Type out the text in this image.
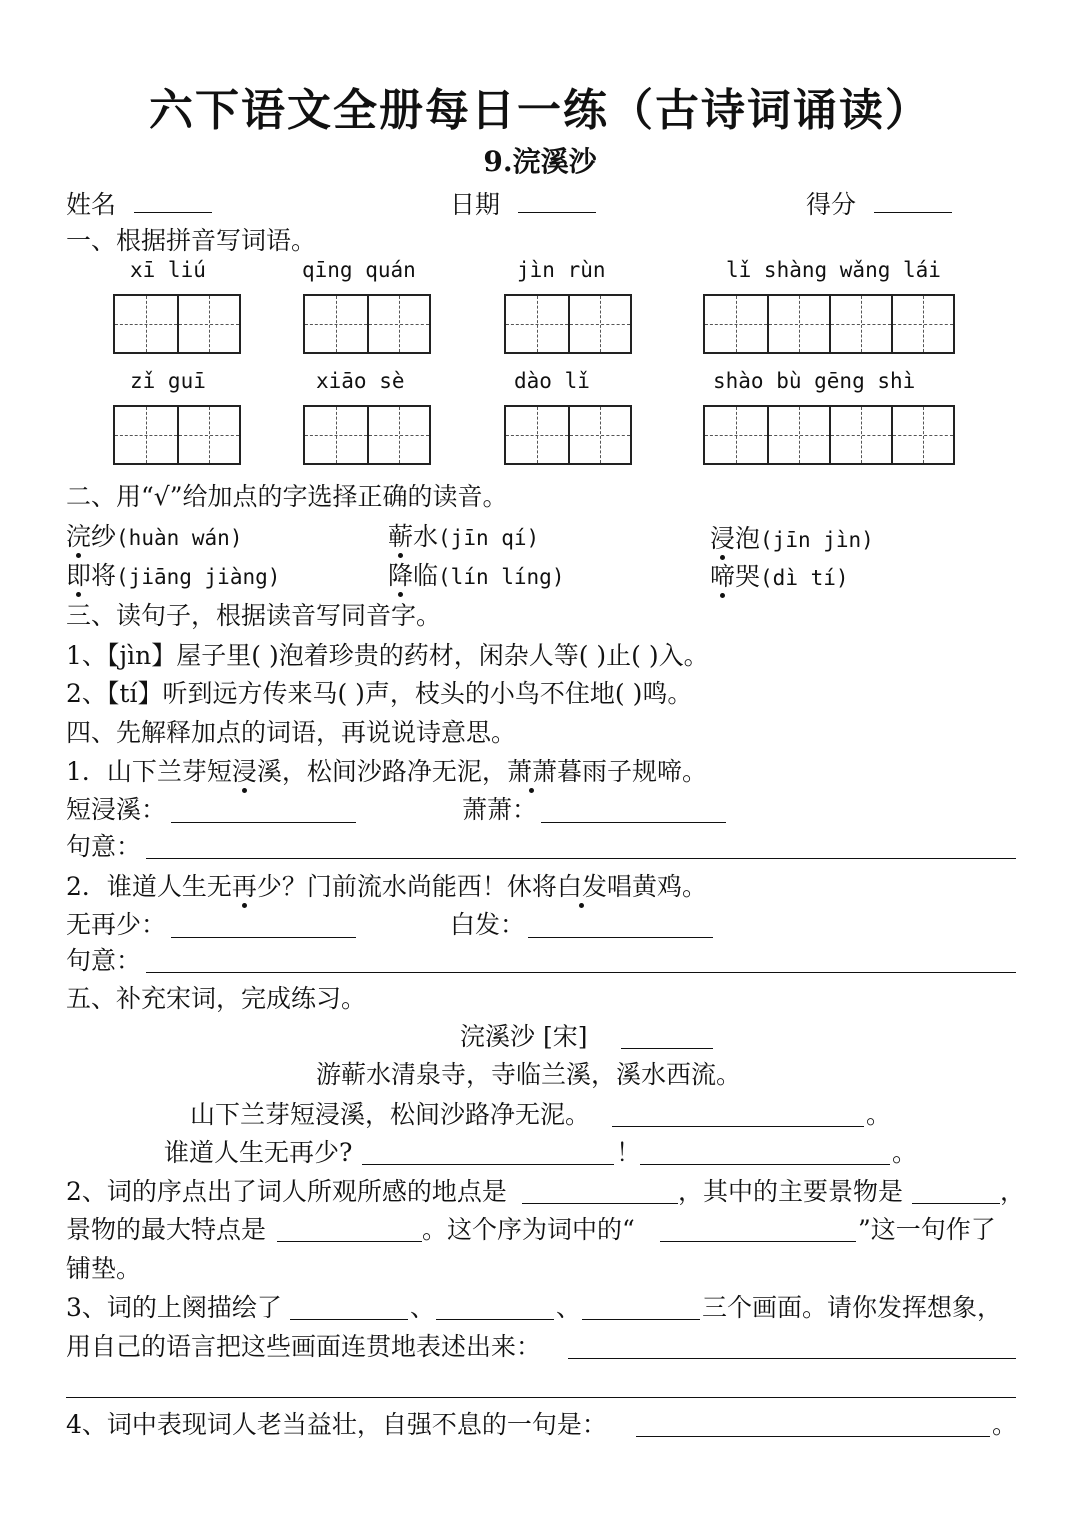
六下语文全册每日一练（古诗词诵读）
9.浣溪沙
姓名	日期	得分
一、根据拼音写词语。
xī liú	qīng quán	jìn rùn	lǐ shàng wǎng lái
zǐ guī	xiāo sè	dào lǐ	shào bù gēng shì
二、用“√”给加点的字选择正确的读音。
浣纱(huàn wán)	蕲水(jīn qí)	浸泡(jīn jìn)
即将(jiāng jiàng)	降临(lín líng)	啼哭(dì tí)
三、读句子，根据读音写同音字。
1、【jìn】屋子里( )泡着珍贵的药材，闲杂人等( )止( )入。
2、【tí】听到远方传来马( )声，枝头的小鸟不住地( )鸣。
四、先解释加点的词语，再说说诗意思。
1．山下兰芽短浸溪，松间沙路净无泥，萧萧暮雨子规啼。
短浸溪：	萧萧：
句意：
2．谁道人生无再少？门前流水尚能西！休将白发唱黄鸡。
无再少：	白发：
句意：
五、补充宋词，完成练习。
浣溪沙 [宋]
游蕲水清泉寺，寺临兰溪，溪水西流。
山下兰芽短浸溪，松间沙路净无泥。	。
谁道人生无再少?	！	。
2、词的序点出了词人所观所感的地点是	，其中的主要景物是	，
景物的最大特点是	。这个序为词中的“	”这一句作了
铺垫。
3、词的上阕描绘了	、	、	三个画面。请你发挥想象，
用自己的语言把这些画面连贯地表述出来：
4、词中表现词人老当益壮，自强不息的一句是：	。
